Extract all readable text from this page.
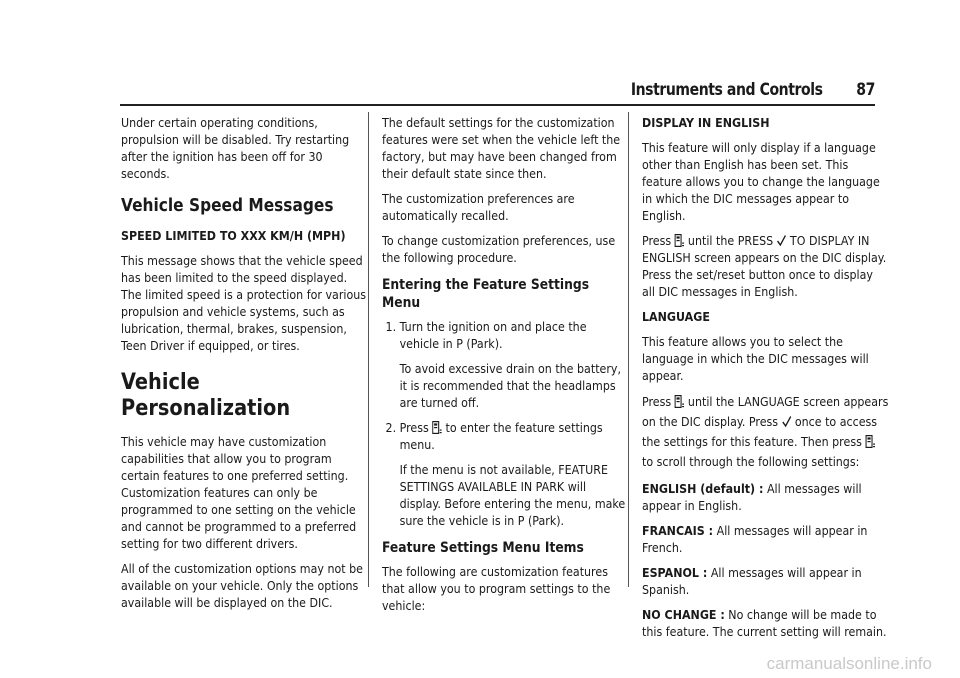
Instruments and Controls 87

Under certain operating conditions, propulsion will be disabled. Try restarting after the ignition has been off for 30 seconds.

Vehicle Speed Messages
SPEED LIMITED TO XXX KM/H (MPH)

This message shows that the vehicle speed has been limited to the speed displayed. The limited speed is a protection for various propulsion and vehicle systems, such as lubrication, thermal, brakes, suspension, Teen Driver if equipped, or tires.

Vehicle Personalization

This vehicle may have customization capabilities that allow you to program certain features to one preferred setting. Customization features can only be programmed to one setting on the vehicle and cannot be programmed to a preferred setting for two different drivers.

All of the customization options may not be available on your vehicle. Only the options available will be displayed on the DIC.

The default settings for the customization features were set when the vehicle left the factory, but may have been changed from their default state since then.

The customization preferences are automatically recalled.

To change customization preferences, use the following procedure.

Entering the Feature Settings Menu
1. Turn the ignition on and place the vehicle in P (Park).

To avoid excessive drain on the battery, it is recommended that the headlamps are turned off.

2. Press to enter the feature settings menu.

If the menu is not available, FEATURE SETTINGS AVAILABLE IN PARK will display. Before entering the menu, make sure the vehicle is in P (Park).

Feature Settings Menu Items

The following are customization features that allow you to program settings to the vehicle:

DISPLAY IN ENGLISH

This feature will only display if a language other than English has been set. This feature allows you to change the language in which the DIC messages appear to English.

Press until the PRESS TO DISPLAY IN ENGLISH screen appears on the DIC display. Press the set/reset button once to display all DIC messages in English.

LANGUAGE

This feature allows you to select the language in which the DIC messages will appear.

Press until the LANGUAGE screen appears on the DIC display. Press once to access the settings for this feature. Then press
to scroll through the following settings:

ENGLISH (default) : All messages will appear in English.

FRANCAIS : All messages will appear in French.

ESPANOL : All messages will appear in Spanish.

NO CHANGE : No change will be made to this feature. The current setting will remain.

carmanualsonline.info
